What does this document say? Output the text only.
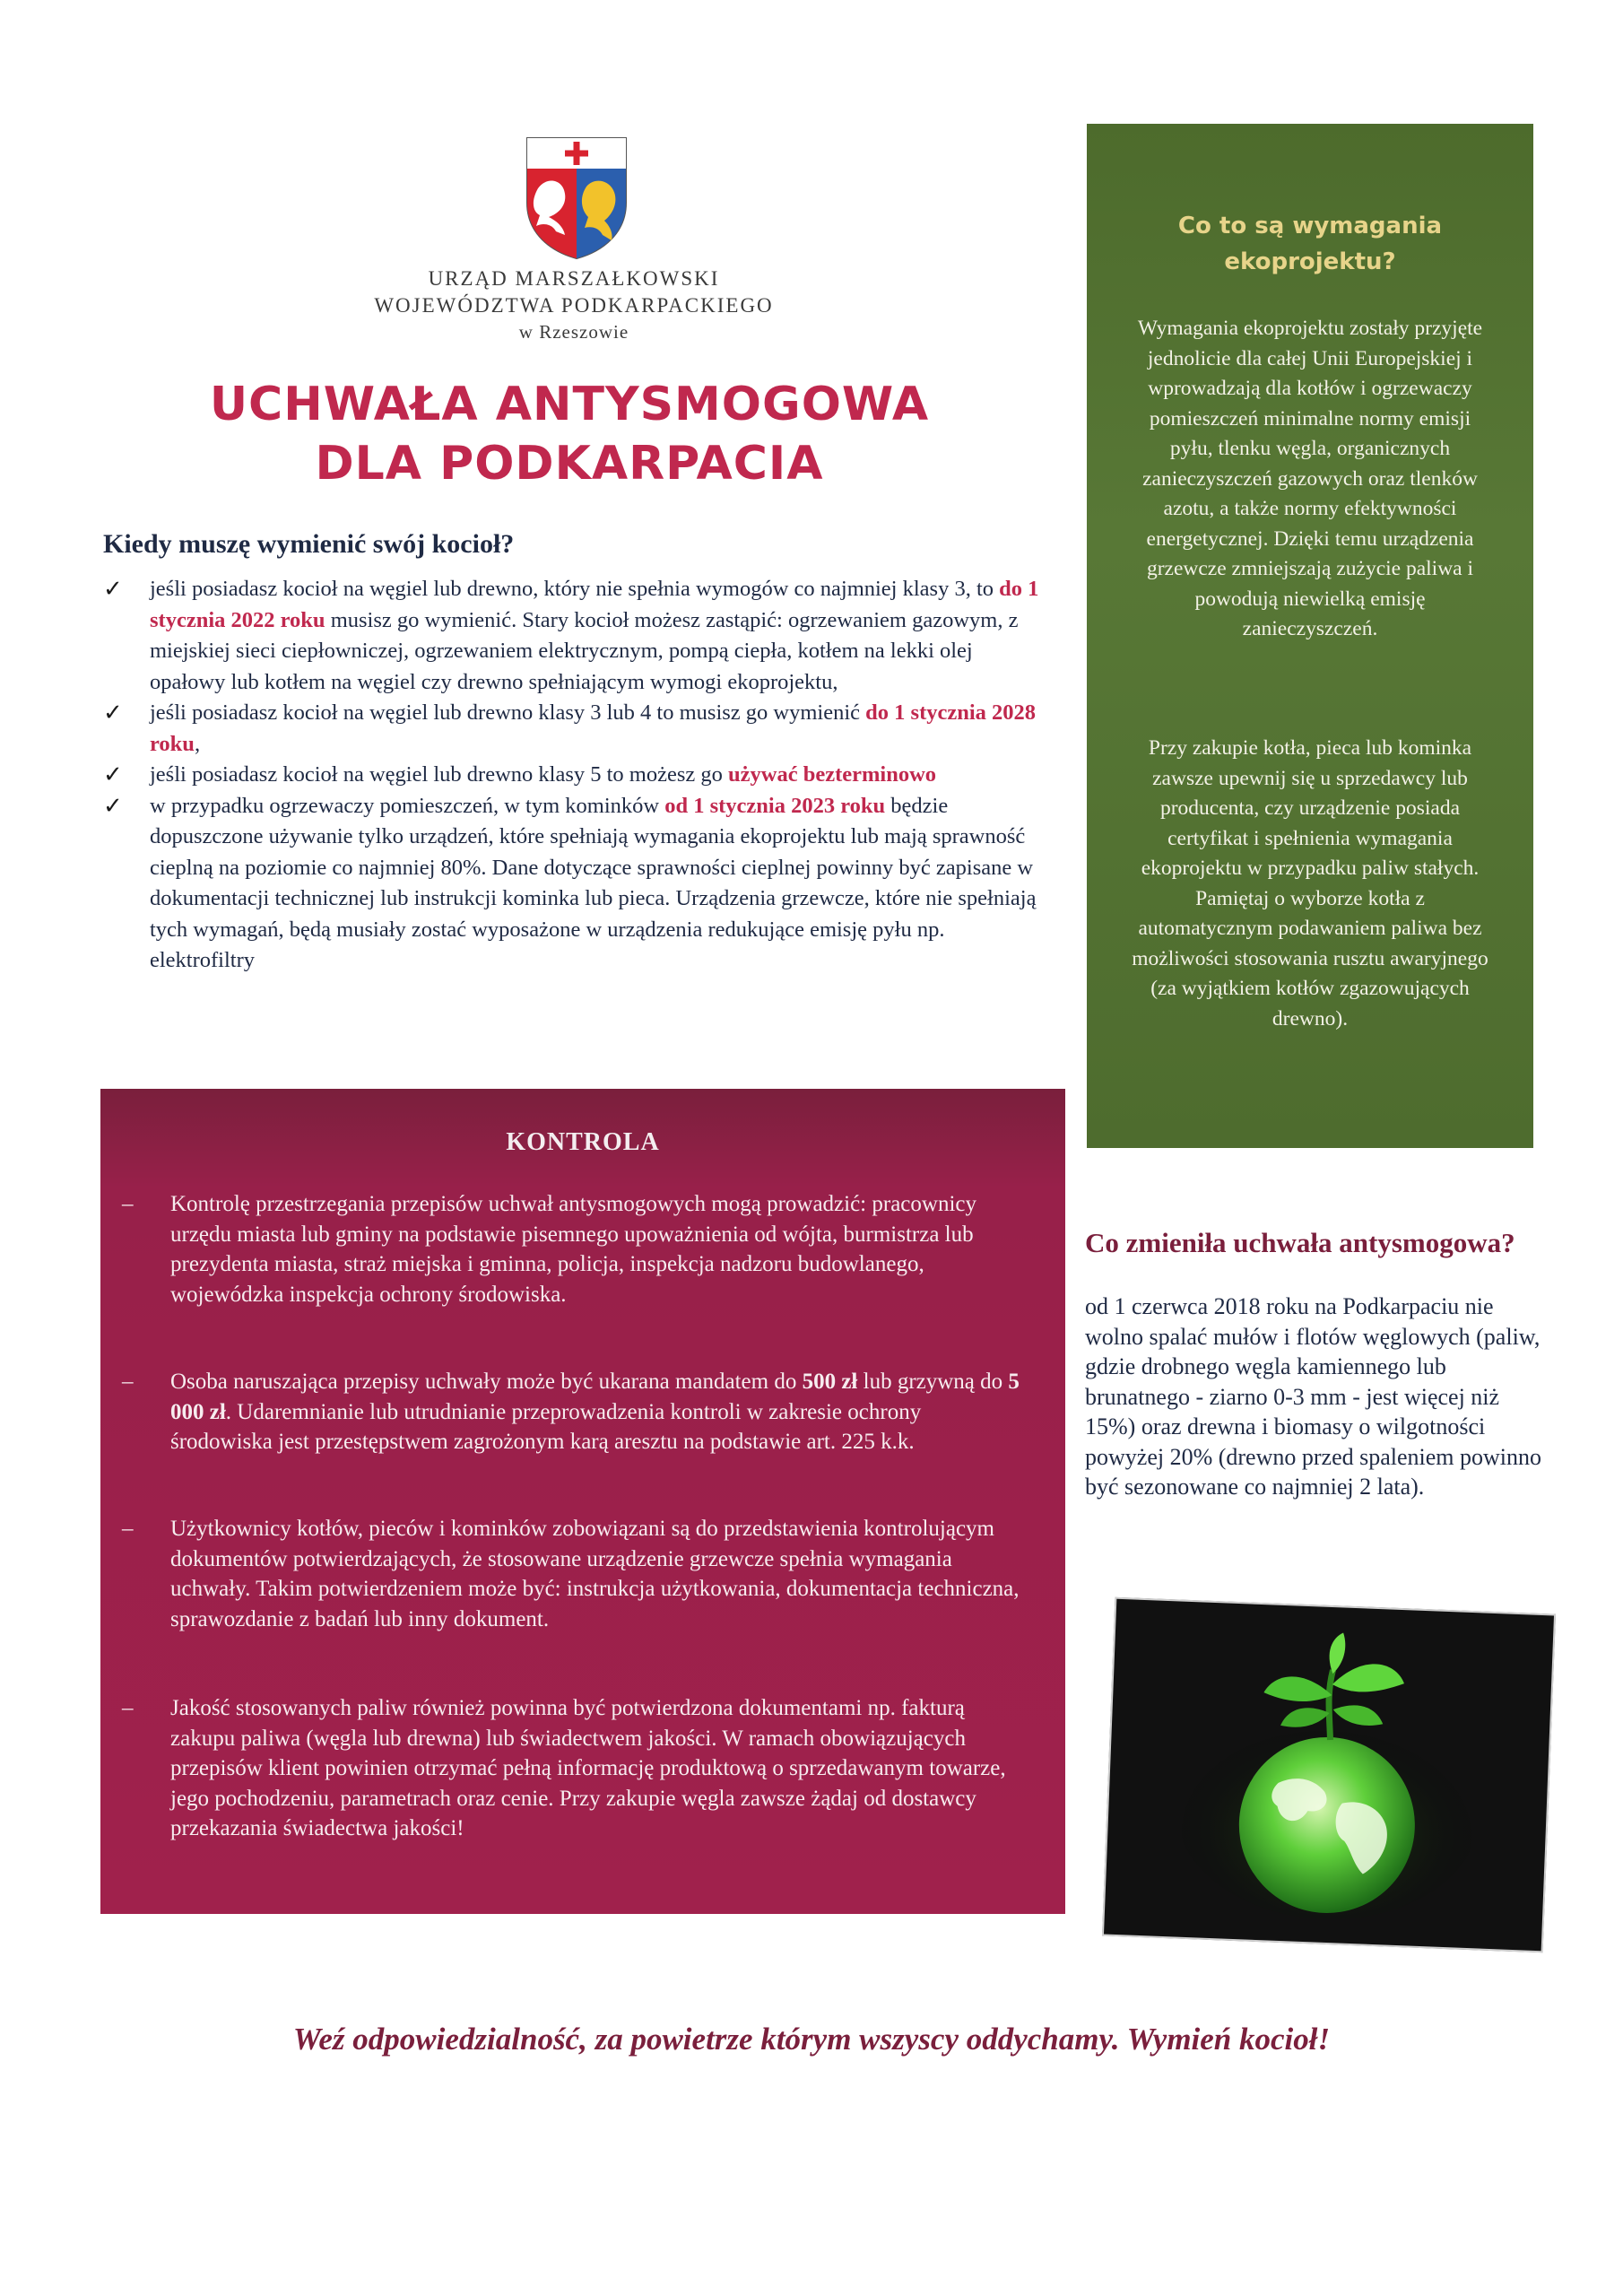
URZĄD MARSZAŁKOWSKI
WOJEWÓDZTWA PODKARPACKIEGO
w Rzeszowie
UCHWAŁA ANTYSMOGOWA
DLA PODKARPACIA
Kiedy muszę wymienić swój kocioł?
✓ jeśli posiadasz kocioł na węgiel lub drewno, który nie spełnia wymogów co najmniej klasy 3, to do 1 stycznia 2022 roku musisz go wymienić. Stary kocioł możesz zastąpić: ogrzewaniem gazowym, z miejskiej sieci ciepłowniczej, ogrzewaniem elektrycznym, pompą ciepła, kotłem na lekki olej opałowy lub kotłem na węgiel czy drewno spełniającym wymogi ekoprojektu,
✓ jeśli posiadasz kocioł na węgiel lub drewno klasy 3 lub 4 to musisz go wymienić do 1 stycznia 2028 roku,
✓ jeśli posiadasz kocioł na węgiel lub drewno klasy 5 to możesz go używać bezterminowo
✓ w przypadku ogrzewaczy pomieszczeń, w tym kominków od 1 stycznia 2023 roku będzie dopuszczone używanie tylko urządzeń, które spełniają wymagania ekoprojektu lub mają sprawność cieplną na poziomie co najmniej 80%. Dane dotyczące sprawności cieplnej powinny być zapisane w dokumentacji technicznej lub instrukcji kominka lub pieca. Urządzenia grzewcze, które nie spełniają tych wymagań, będą musiały zostać wyposażone w urządzenia redukujące emisję pyłu np. elektrofiltry
Co to są wymagania ekoprojektu?
Wymagania ekoprojektu zostały przyjęte jednolicie dla całej Unii Europejskiej i wprowadzają dla kotłów i ogrzewaczy pomieszczeń minimalne normy emisji pyłu, tlenku węgla, organicznych zanieczyszczeń gazowych oraz tlenków azotu, a także normy efektywności energetycznej. Dzięki temu urządzenia grzewcze zmniejszają zużycie paliwa i powodują niewielką emisję zanieczyszczeń.
Przy zakupie kotła, pieca lub kominka zawsze upewnij się u sprzedawcy lub producenta, czy urządzenie posiada certyfikat i spełnienia wymagania ekoprojektu w przypadku paliw stałych. Pamiętaj o wyborze kotła z automatycznym podawaniem paliwa bez możliwości stosowania rusztu awaryjnego (za wyjątkiem kotłów zgazowujących drewno).
KONTROLA
– Kontrolę przestrzegania przepisów uchwał antysmogowych mogą prowadzić: pracownicy urzędu miasta lub gminy na podstawie pisemnego upoważnienia od wójta, burmistrza lub prezydenta miasta, straż miejska i gminna, policja, inspekcja nadzoru budowlanego, wojewódzka inspekcja ochrony środowiska.
– Osoba naruszająca przepisy uchwały może być ukarana mandatem do 500 zł lub grzywną do 5 000 zł. Udaremnianie lub utrudnianie przeprowadzenia kontroli w zakresie ochrony środowiska jest przestępstwem zagrożonym karą aresztu na podstawie art. 225 k.k.
– Użytkownicy kotłów, pieców i kominków zobowiązani są do przedstawienia kontrolującym dokumentów potwierdzających, że stosowane urządzenie grzewcze spełnia wymagania uchwały. Takim potwierdzeniem może być: instrukcja użytkowania, dokumentacja techniczna, sprawozdanie z badań lub inny dokument.
– Jakość stosowanych paliw również powinna być potwierdzona dokumentami np. fakturą zakupu paliwa (węgla lub drewna) lub świadectwem jakości. W ramach obowiązujących przepisów klient powinien otrzymać pełną informację produktową o sprzedawanym towarze, jego pochodzeniu, parametrach oraz cenie. Przy zakupie węgla zawsze żądaj od dostawcy przekazania świadectwa jakości!
Co zmieniła uchwała antysmogowa?
od 1 czerwca 2018 roku na Podkarpaciu nie wolno spalać mułów i flotów węglowych (paliw, gdzie drobnego węgla kamiennego lub brunatnego - ziarno 0-3 mm - jest więcej niż 15%) oraz drewna i biomasy o wilgotności powyżej 20% (drewno przed spaleniem powinno być sezonowane co najmniej 2 lata).
Weź odpowiedzialność, za powietrze którym wszyscy oddychamy. Wymień kocioł!
